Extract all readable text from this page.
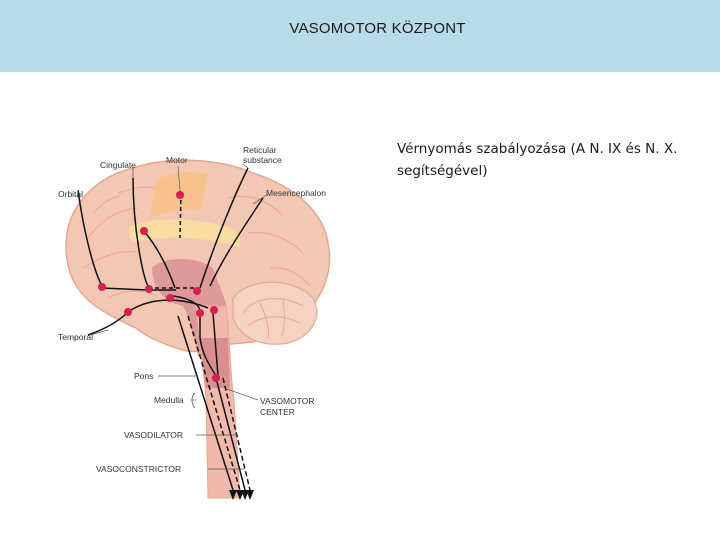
VASOMOTOR KÖZPONT
Vérnyomás szabályozása (A N. IX és N. X. segítségével)
Reticular
substance
Cingulate	Motor
Orbital	Mesencephalon
Temporal
Pons
Medulla	VASOMOTOR
CENTER
VASODILATOR
VASOCONSTRICTOR
